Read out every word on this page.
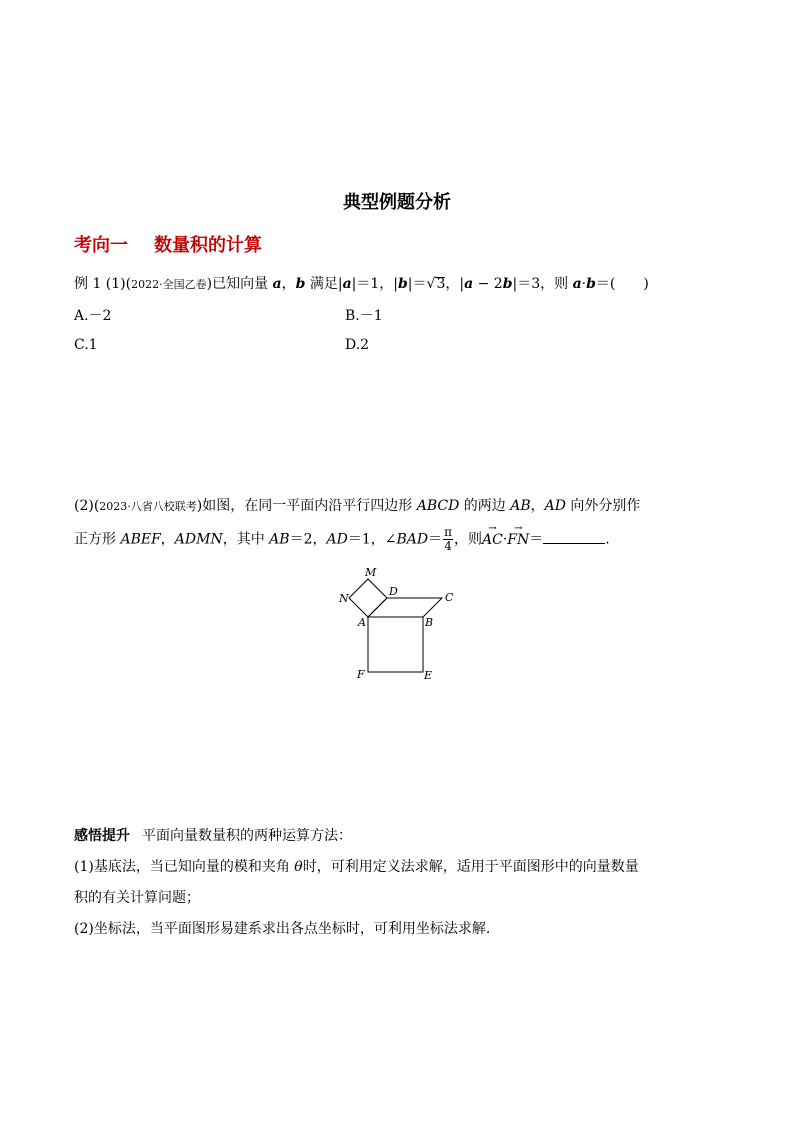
典型例题分析
考向一 数量积的计算
例 1 (1)(2022·全国乙卷)已知向量 a，b 满足|a|＝1，|b|＝√3，|a − 2b|＝3，则 a·b＝(　　)
A.－2	B.－1
C.1	D.2
(2)(2023·八省八校联考)如图，在同一平面内沿平行四边形 ABCD 的两边 AB，AD 向外分别作
正方形 ABEF，ADMN，其中 AB＝2，AD＝1，∠BAD＝ $\frac{\pi}{4}$ ，则→ AC·→ FN＝	.
M
N
D	C
A	B
F	E
感悟提升 平面向量数量积的两种运算方法：
(1)基底法，当已知向量的模和夹角 θ时，可利用定义法求解，适用于平面图形中的向量数量
积的有关计算问题；
(2)坐标法，当平面图形易建系求出各点坐标时，可利用坐标法求解.
